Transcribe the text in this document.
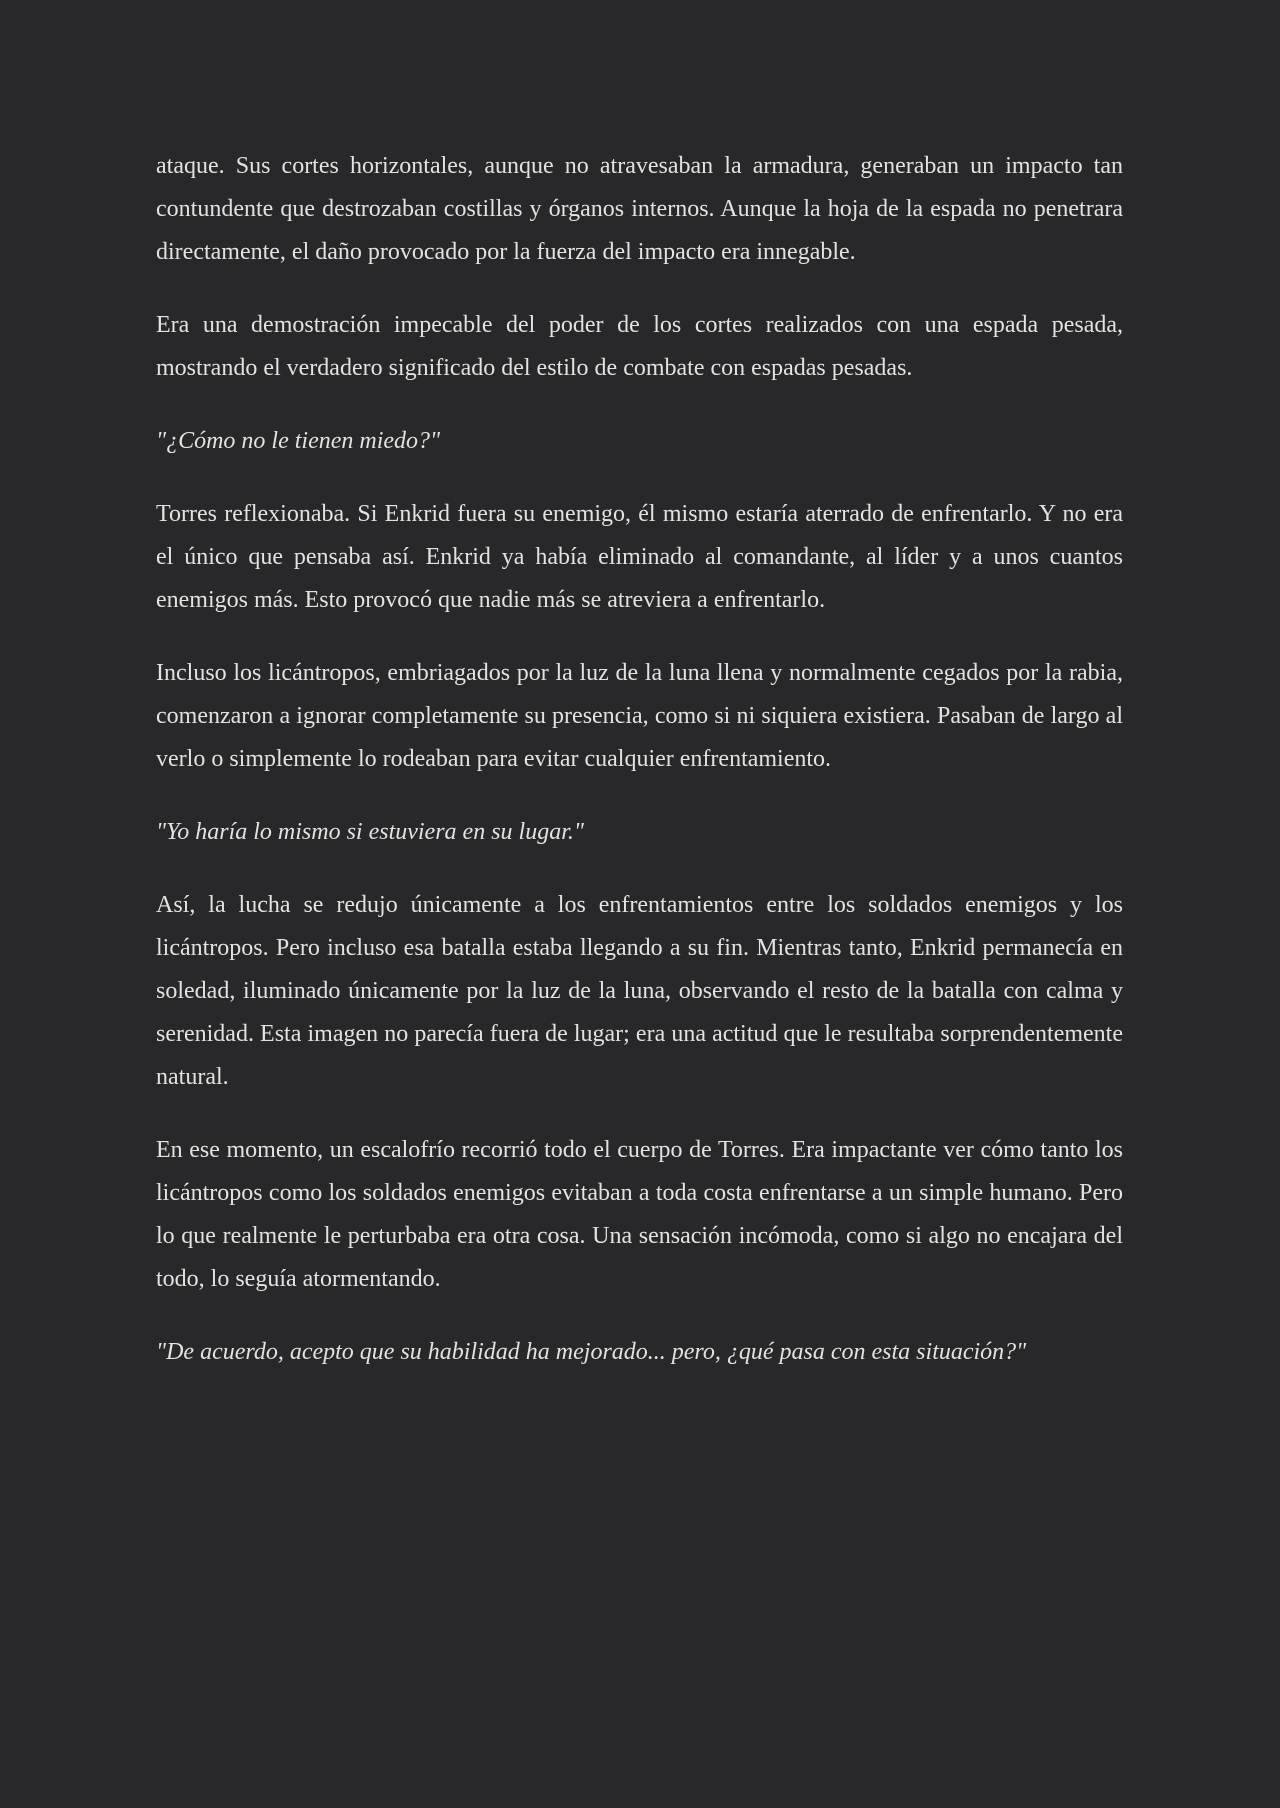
ataque. Sus cortes horizontales, aunque no atravesaban la armadura, generaban un impacto tan contundente que destrozaban costillas y órganos internos. Aunque la hoja de la espada no penetrara directamente, el daño provocado por la fuerza del impacto era innegable.

Era una demostración impecable del poder de los cortes realizados con una espada pesada, mostrando el verdadero significado del estilo de combate con espadas pesadas.

"¿Cómo no le tienen miedo?"

Torres reflexionaba. Si Enkrid fuera su enemigo, él mismo estaría aterrado de enfrentarlo. Y no era el único que pensaba así. Enkrid ya había eliminado al comandante, al líder y a unos cuantos enemigos más. Esto provocó que nadie más se atreviera a enfrentarlo.

Incluso los licántropos, embriagados por la luz de la luna llena y normalmente cegados por la rabia, comenzaron a ignorar completamente su presencia, como si ni siquiera existiera. Pasaban de largo al verlo o simplemente lo rodeaban para evitar cualquier enfrentamiento.

"Yo haría lo mismo si estuviera en su lugar."

Así, la lucha se redujo únicamente a los enfrentamientos entre los soldados enemigos y los licántropos. Pero incluso esa batalla estaba llegando a su fin. Mientras tanto, Enkrid permanecía en soledad, iluminado únicamente por la luz de la luna, observando el resto de la batalla con calma y serenidad. Esta imagen no parecía fuera de lugar; era una actitud que le resultaba sorprendentemente natural.

En ese momento, un escalofrío recorrió todo el cuerpo de Torres. Era impactante ver cómo tanto los licántropos como los soldados enemigos evitaban a toda costa enfrentarse a un simple humano. Pero lo que realmente le perturbaba era otra cosa. Una sensación incómoda, como si algo no encajara del todo, lo seguía atormentando.

"De acuerdo, acepto que su habilidad ha mejorado... pero, ¿qué pasa con esta situación?"
